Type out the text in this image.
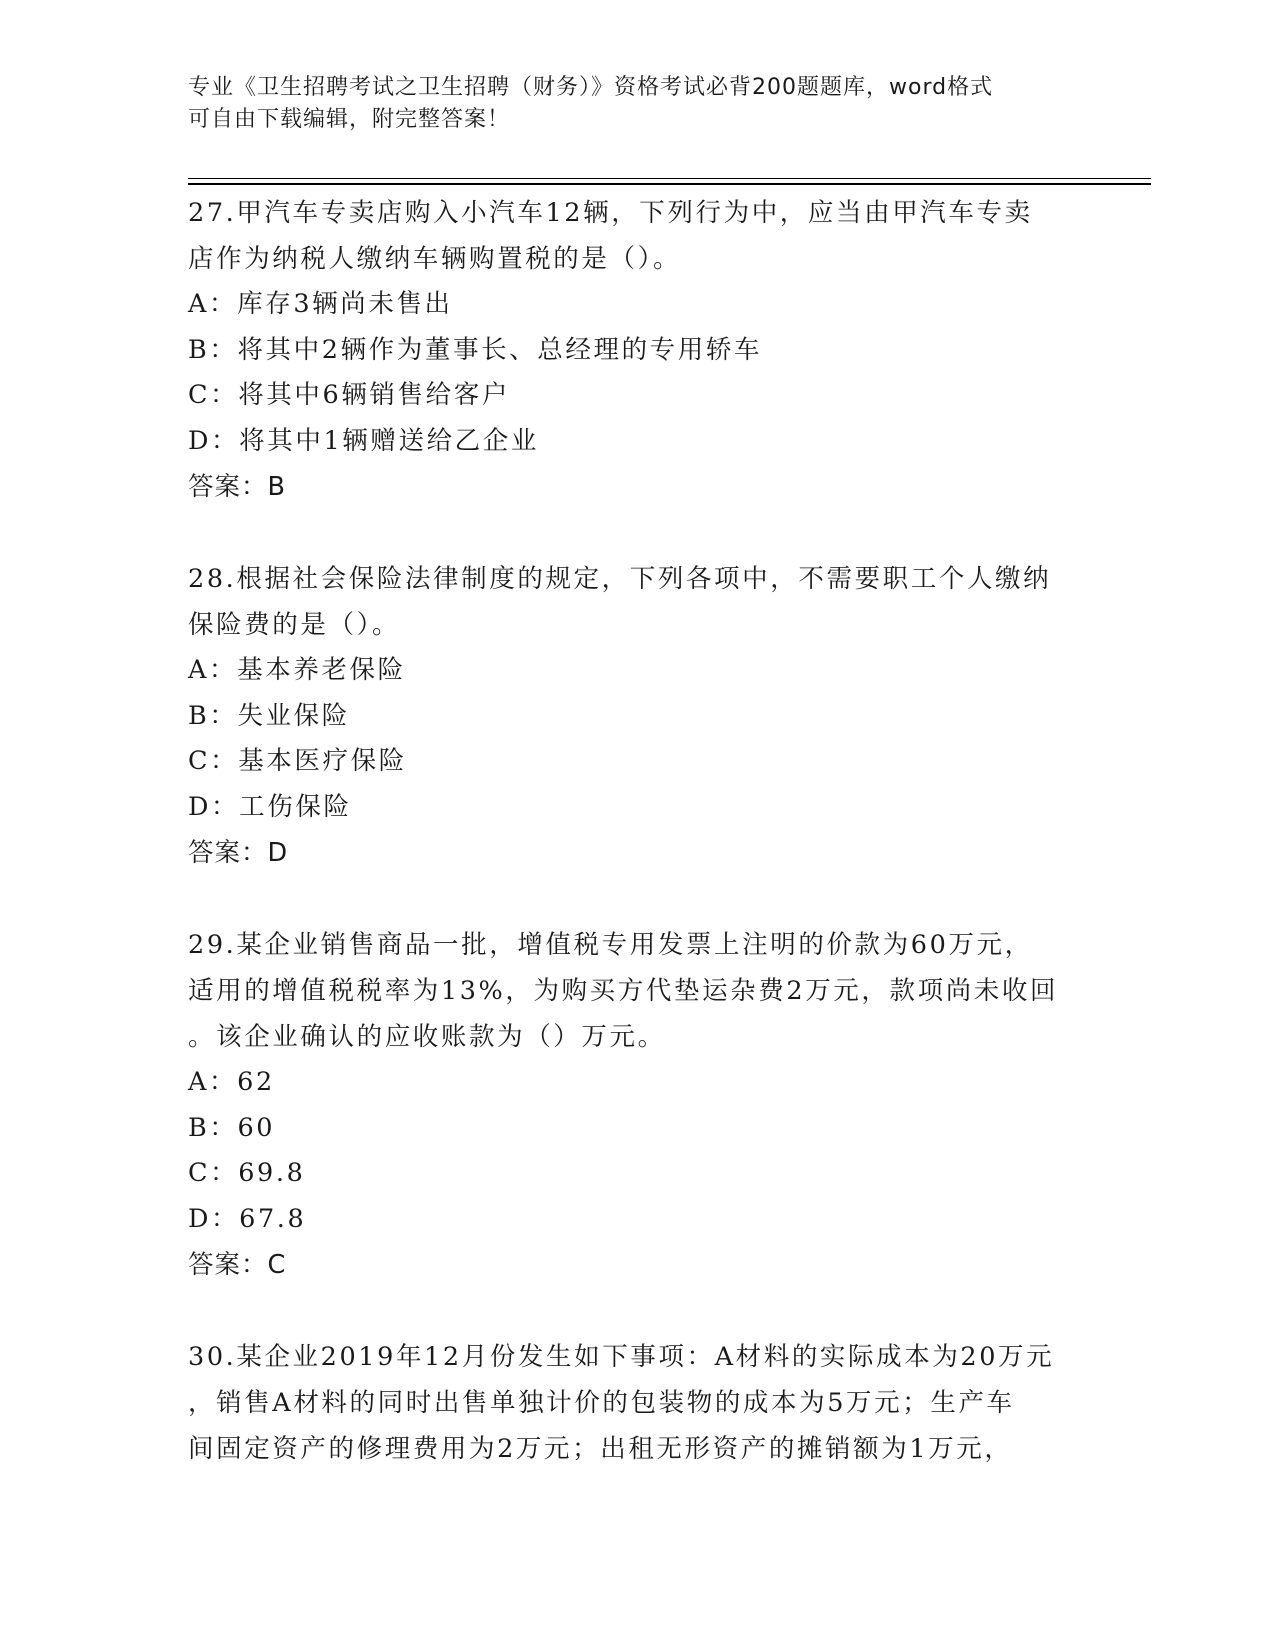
专业《卫生招聘考试之卫生招聘（财务）》资格考试必背200题题库，word格式
可自由下载编辑，附完整答案！

27.甲汽车专卖店购入小汽车12辆，下列行为中，应当由甲汽车专卖
店作为纳税人缴纳车辆购置税的是（）。

A：库存3辆尚未售出

B：将其中2辆作为董事长、总经理的专用轿车

C：将其中6辆销售给客户

D：将其中1辆赠送给乙企业

答案：B

28.根据社会保险法律制度的规定，下列各项中，不需要职工个人缴纳
保险费的是（）。

A：基本养老保险

B：失业保险

C：基本医疗保险

D：工伤保险

答案：D

29.某企业销售商品一批，增值税专用发票上注明的价款为60万元，
适用的增值税税率为13%，为购买方代垫运杂费2万元，款项尚未收回
。该企业确认的应收账款为（）万元。

A：62

B：60

C：69.8

D：67.8

答案：C

30.某企业2019年12月份发生如下事项：A材料的实际成本为20万元
，销售A材料的同时出售单独计价的包装物的成本为5万元；生产车
间固定资产的修理费用为2万元；出租无形资产的摊销额为1万元，
